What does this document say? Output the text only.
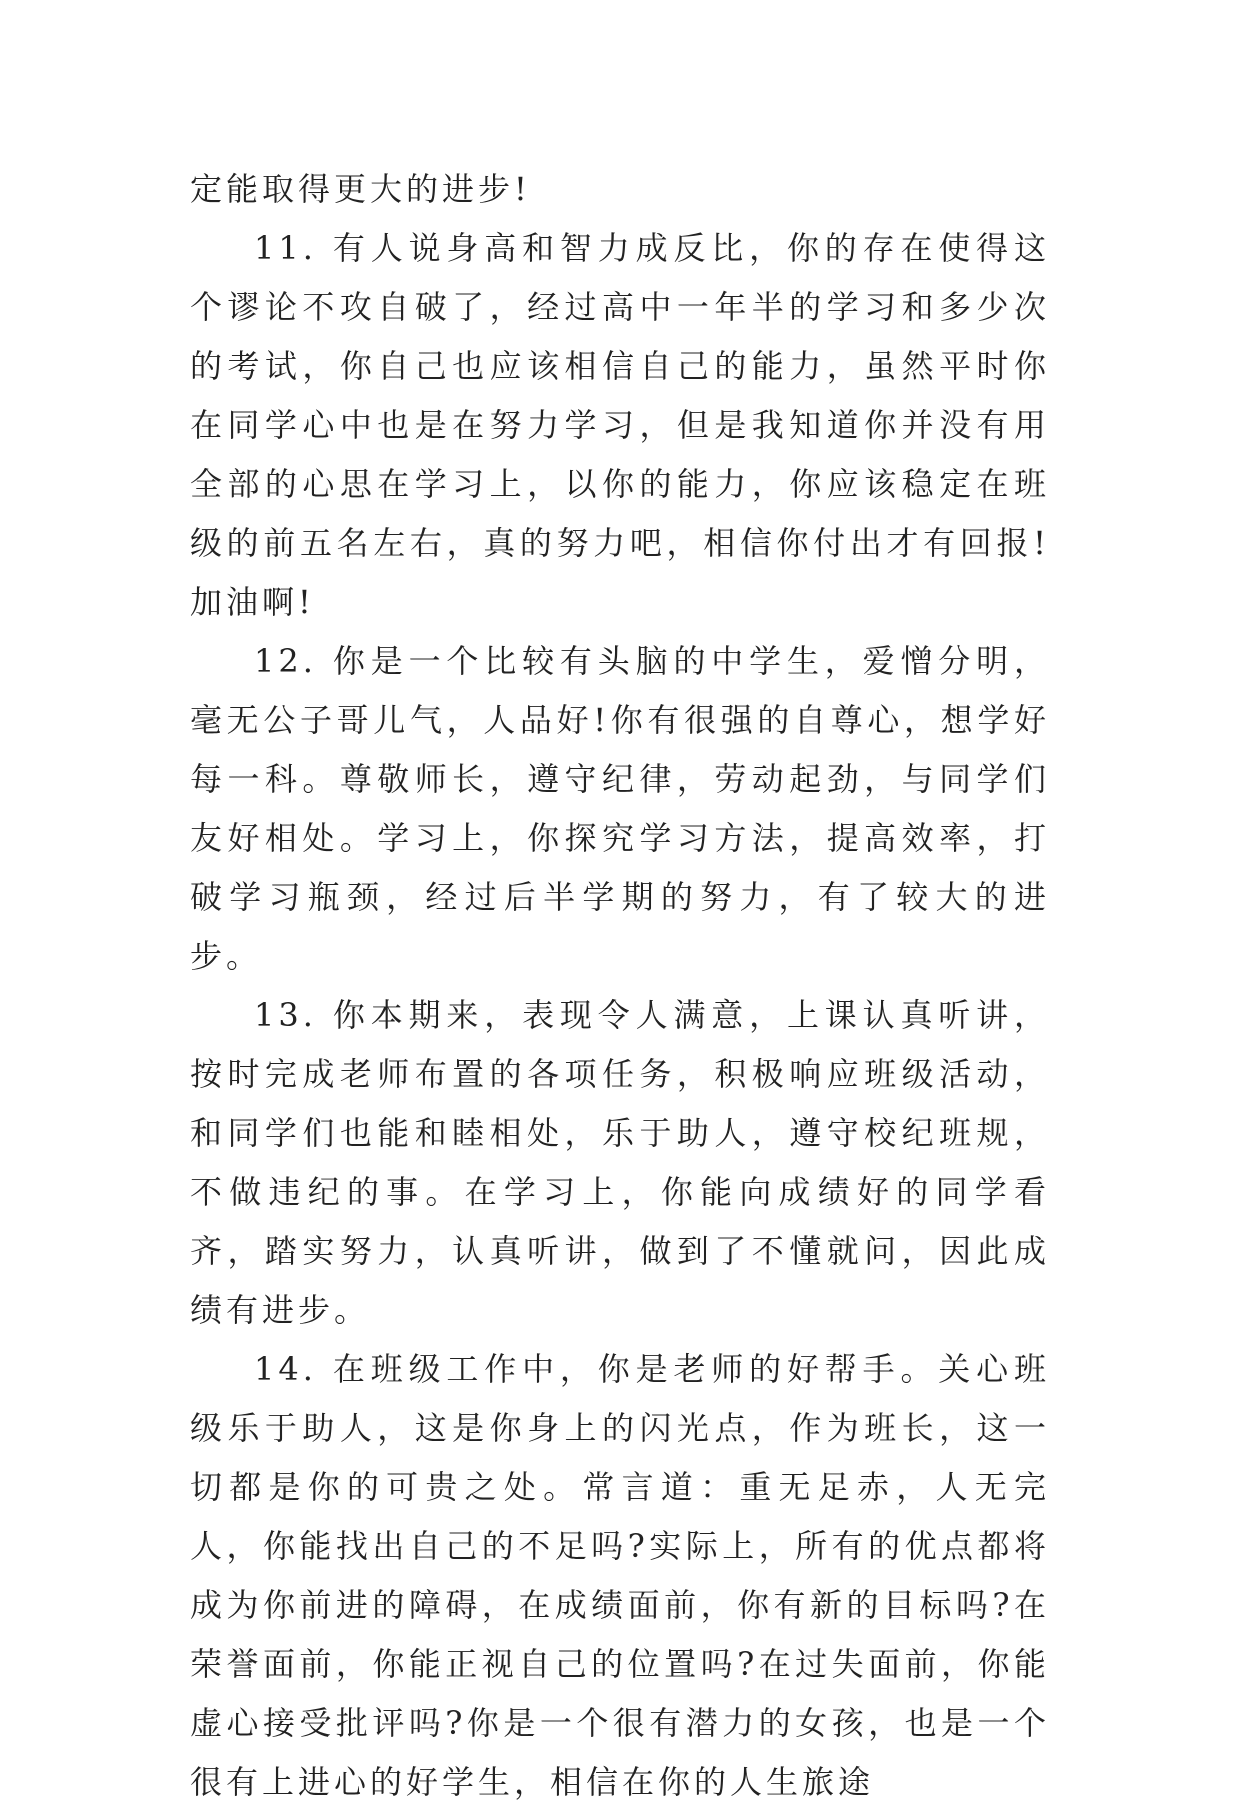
定能取得更大的进步!

11. 有人说身高和智力成反比，你的存在使得这个谬论不攻自破了，经过高中一年半的学习和多少次的考试，你自己也应该相信自己的能力，虽然平时你在同学心中也是在努力学习，但是我知道你并没有用全部的心思在学习上，以你的能力，你应该稳定在班级的前五名左右，真的努力吧，相信你付出才有回报!加油啊!

12. 你是一个比较有头脑的中学生，爱憎分明，毫无公子哥儿气，人品好!你有很强的自尊心，想学好每一科。尊敬师长，遵守纪律，劳动起劲，与同学们友好相处。学习上，你探究学习方法，提高效率，打破学习瓶颈，经过后半学期的努力，有了较大的进步。

13. 你本期来，表现令人满意，上课认真听讲，按时完成老师布置的各项任务，积极响应班级活动，和同学们也能和睦相处，乐于助人，遵守校纪班规，不做违纪的事。在学习上，你能向成绩好的同学看齐，踏实努力，认真听讲，做到了不懂就问，因此成绩有进步。

14. 在班级工作中，你是老师的好帮手。关心班级乐于助人，这是你身上的闪光点，作为班长，这一切都是你的可贵之处。常言道：重无足赤，人无完人，你能找出自己的不足吗?实际上，所有的优点都将成为你前进的障碍，在成绩面前，你有新的目标吗?在荣誉面前，你能正视自己的位置吗?在过失面前，你能虚心接受批评吗?你是一个很有潜力的女孩，也是一个很有上进心的好学生，相信在你的人生旅途
